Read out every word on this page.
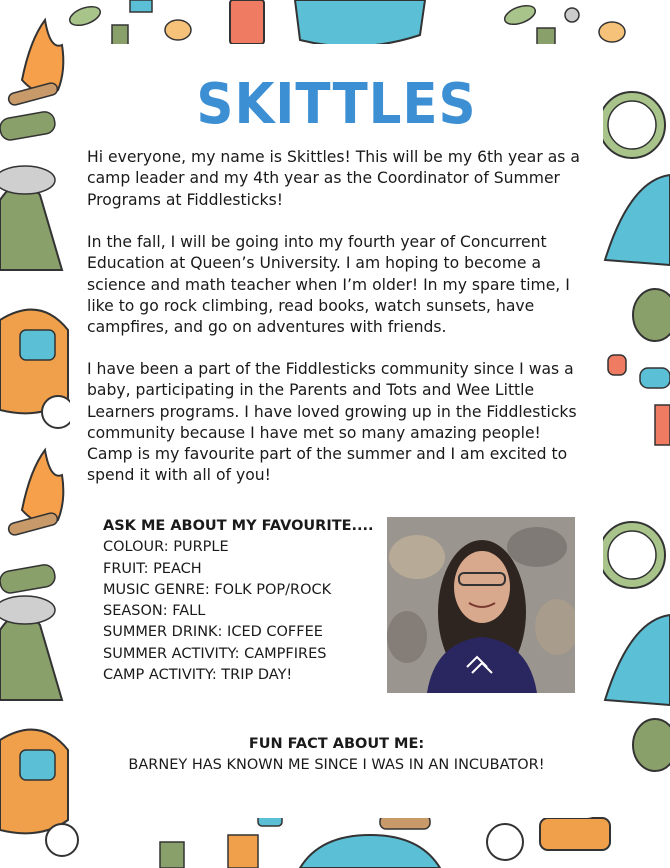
SKITTLES

Hi everyone, my name is Skittles! This will be my 6th year as a camp leader and my 4th year as the Coordinator of Summer Programs at Fiddlesticks!

In the fall, I will be going into my fourth year of Concurrent Education at Queen’s University. I am hoping to become a science and math teacher when I’m older! In my spare time, I like to go rock climbing, read books, watch sunsets, have campfires, and go on adventures with friends.

I have been a part of the Fiddlesticks community since I was a baby, participating in the Parents and Tots and Wee Little Learners programs. I have loved growing up in the Fiddlesticks community because I have met so many amazing people! Camp is my favourite part of the summer and I am excited to spend it with all of you!

ASK ME ABOUT MY FAVOURITE....
COLOUR: PURPLE
FRUIT: PEACH
MUSIC GENRE: FOLK POP/ROCK
SEASON: FALL
SUMMER DRINK: ICED COFFEE
SUMMER ACTIVITY: CAMPFIRES
CAMP ACTIVITY: TRIP DAY!
FUN FACT ABOUT ME:
BARNEY HAS KNOWN ME SINCE I WAS IN AN INCUBATOR!
